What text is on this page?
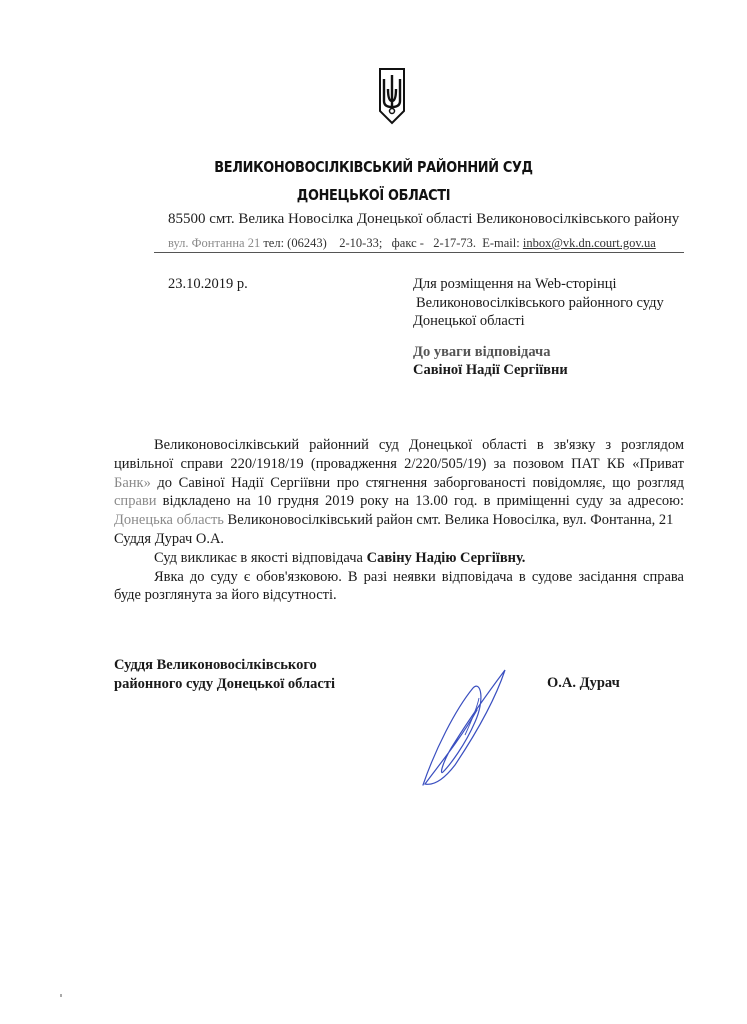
ВЕЛИКОНОВОСІЛКІВСЬКИЙ РАЙОННИЙ СУД
ДОНЕЦЬКОЇ ОБЛАСТІ
85500 смт. Велика Новосілка Донецької області Великоновосілківського району
вул. Фонтанна 21 тел: (06243)    2-10-33;   факс -   2-17-73.  E-mail: inbox@vk.dn.court.gov.ua
23.10.2019 р.	Для розміщення на Web-сторінці
Великоновосілківського районного суду
Донецької області
До уваги відповідача
Савіної Надії Сергіївни

Великоновосілківський районний суд Донецької області в зв'язку з розглядом цивільної справи 220/1918/19 (провадження 2/220/505/19) за позовом ПАТ КБ «Приват Банк» до Савіної Надії Сергіївни про стягнення заборгованості повідомляє, що розгляд справи відкладено на 10 грудня 2019 року на 13.00 год. в приміщенні суду за адресою: Донецька область Великоновосілківський район смт. Велика Новосілка, вул. Фонтанна, 21

Суддя Дурач О.А.

Суд викликає в якості відповідача Савіну Надію Сергіївну.

Явка до суду є обов'язковою. В разі неявки відповідача в судове засідання справа буде розглянута за його відсутності.

Суддя Великоновосілківського
районного суду Донецької області	О.А. Дурач
